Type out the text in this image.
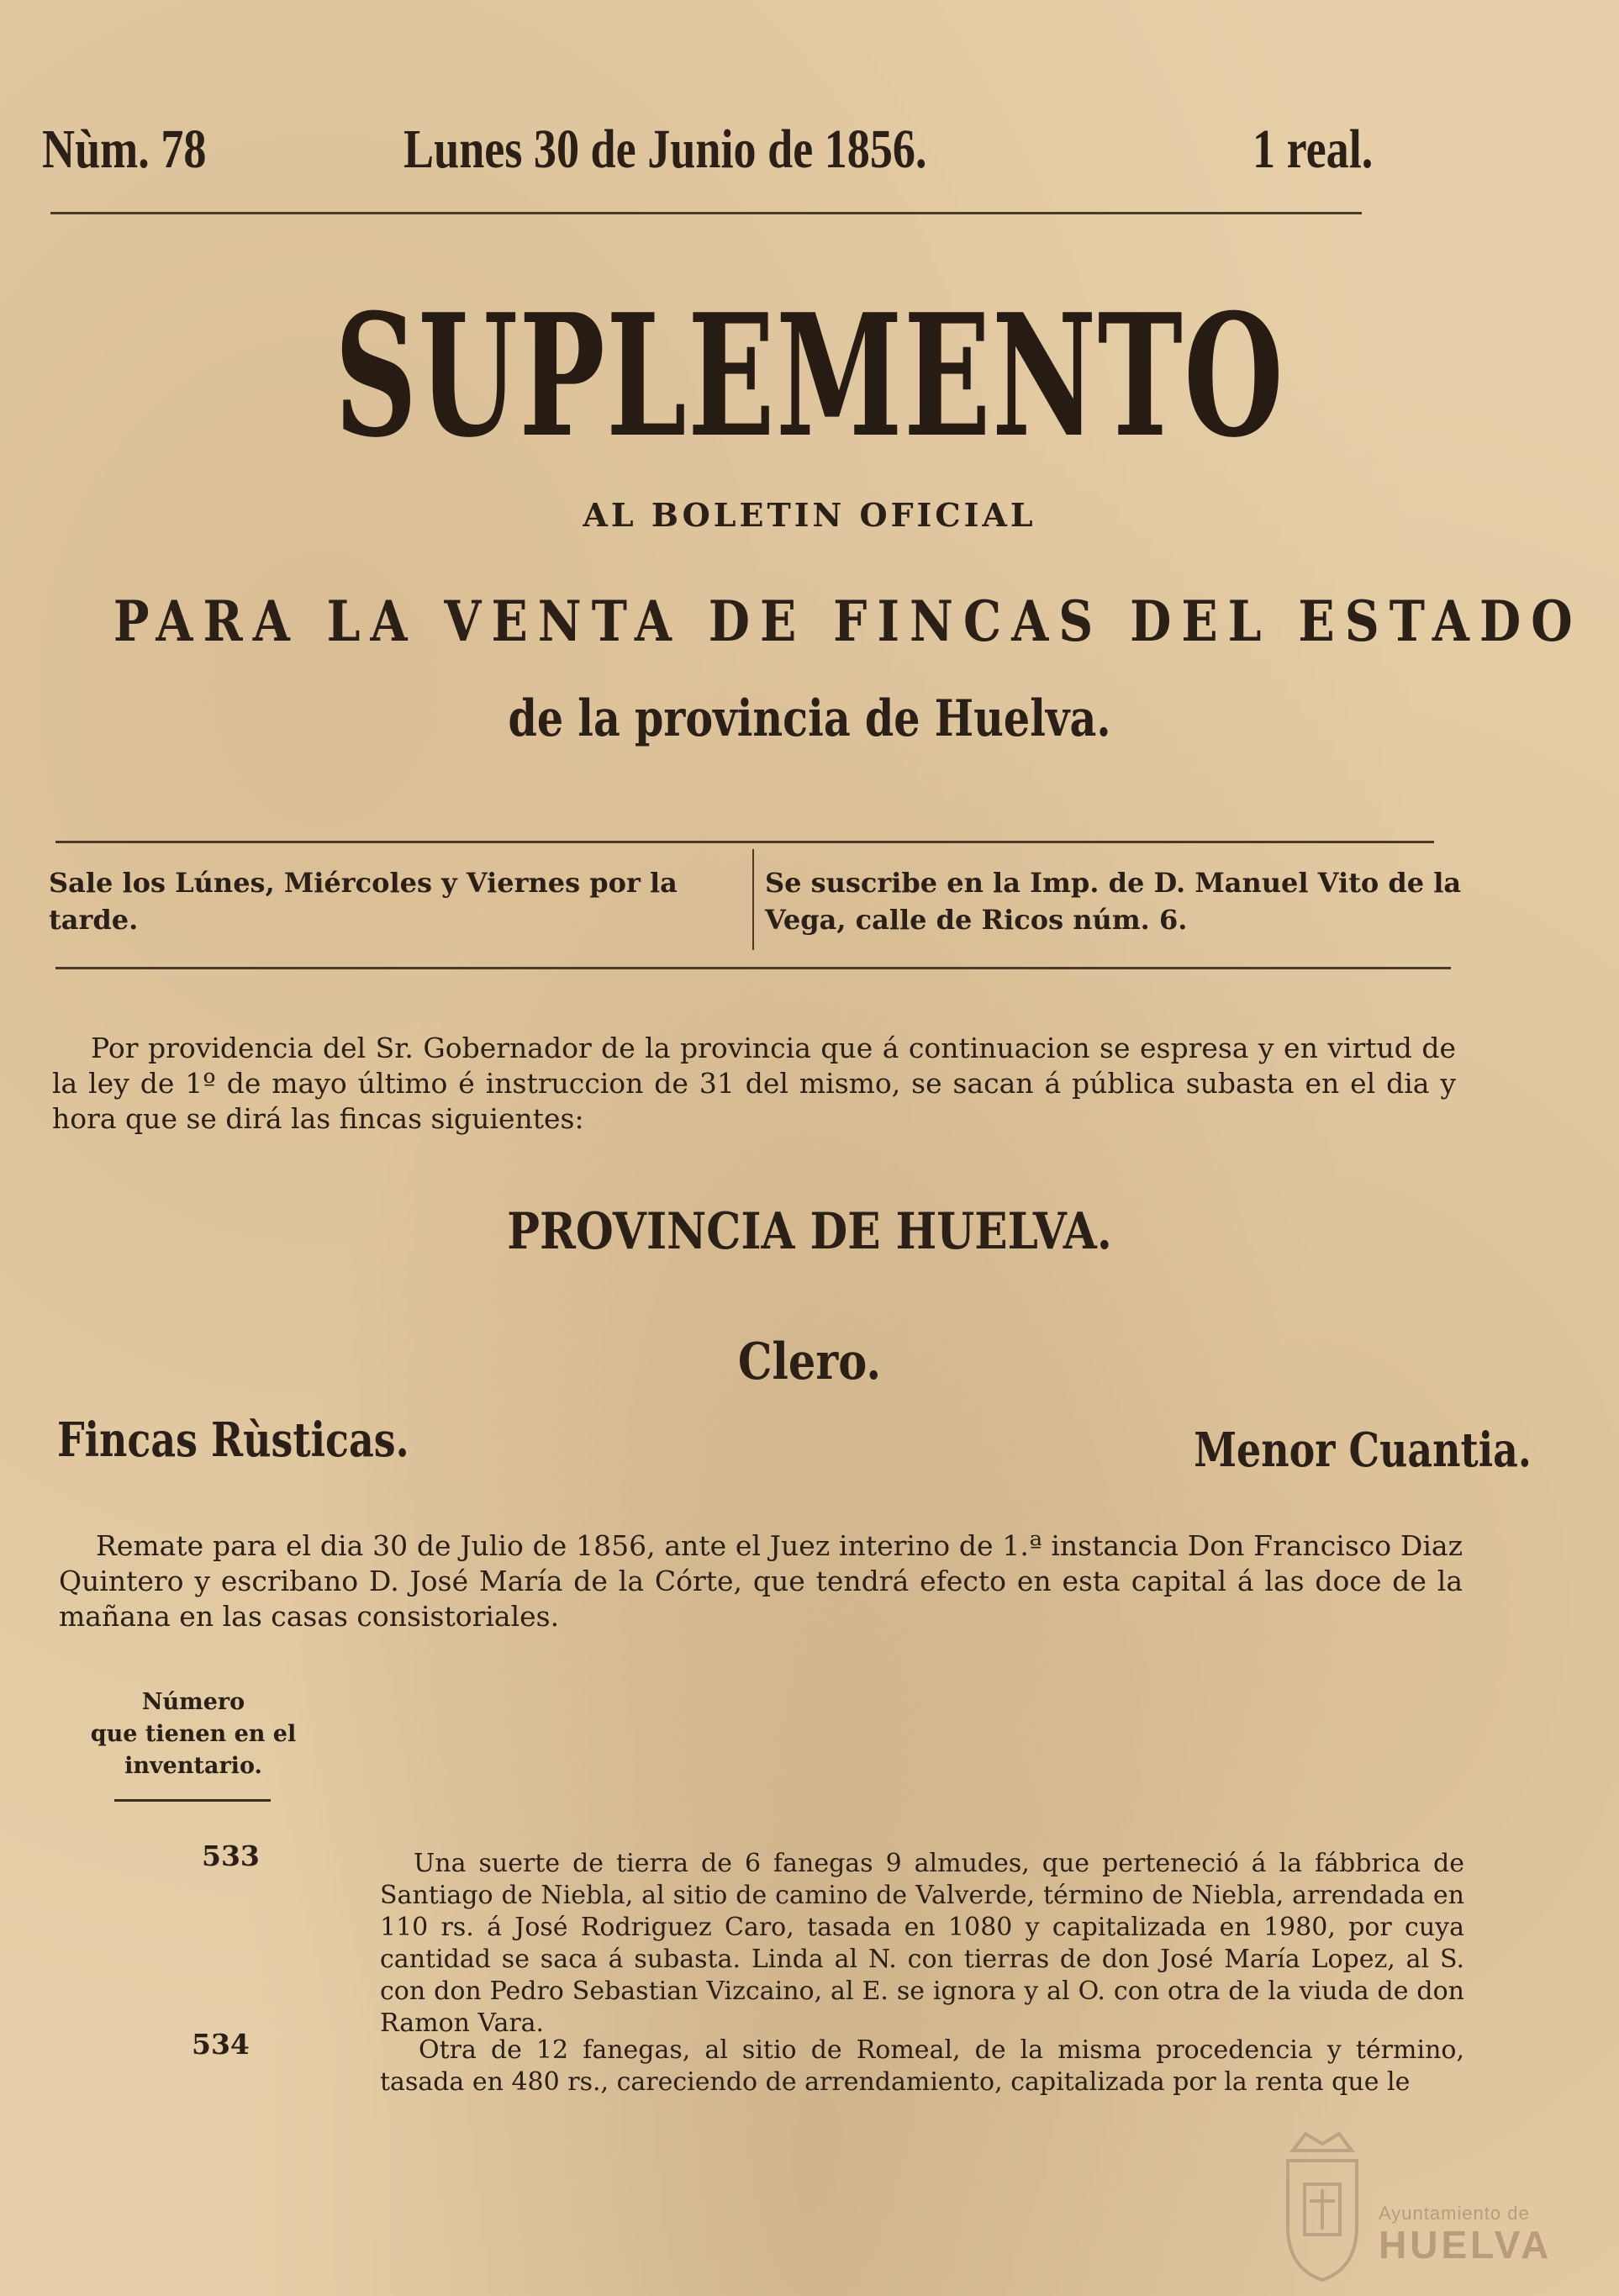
Nùm. 78	Lunes 30 de Junio de 1856.	1 real.
SUPLEMENTO
AL BOLETIN OFICIAL
PARA LA VENTA DE FINCAS DEL ESTADO
de la provincia de Huelva.
Sale los Lúnes, Miércoles y Viernes por la tarde.
Se suscribe en la Imp. de D. Manuel Vito de la Vega, calle de Ricos núm. 6.
Por providencia del Sr. Gobernador de la provincia que á continuacion se espresa y en virtud de la ley de 1º de mayo último é instruccion de 31 del mismo, se sacan á pública subasta en el dia y hora que se dirá las fincas siguientes:
PROVINCIA DE HUELVA.
Clero.
Fincas Rùsticas.	Menor Cuantia.
Remate para el dia 30 de Julio de 1856, ante el Juez interino de 1.ª instancia Don Francisco Diaz Quintero y escribano D. José María de la Córte, que tendrá efecto en esta capital á las doce de la mañana en las casas consistoriales.
Número
que tienen en el
inventario.
533	Una suerte de tierra de 6 fanegas 9 almudes, que perteneció á la fábbrica de Santiago de Niebla, al sitio de camino de Valverde, término de Niebla, arrendada en 110 rs. á José Rodriguez Caro, tasada en 1080 y capitalizada en 1980, por cuya cantidad se saca á subasta. Linda al N. con tierras de don José María Lopez, al S. con don Pedro Sebastian Vizcaino, al E. se ignora y al O. con otra de la viuda de don Ramon Vara.
534	Otra de 12 fanegas, al sitio de Romeal, de la misma procedencia y término, tasada en 480 rs., careciendo de arrendamiento, capitalizada por la renta que le
Ayuntamiento de
HUELVA
